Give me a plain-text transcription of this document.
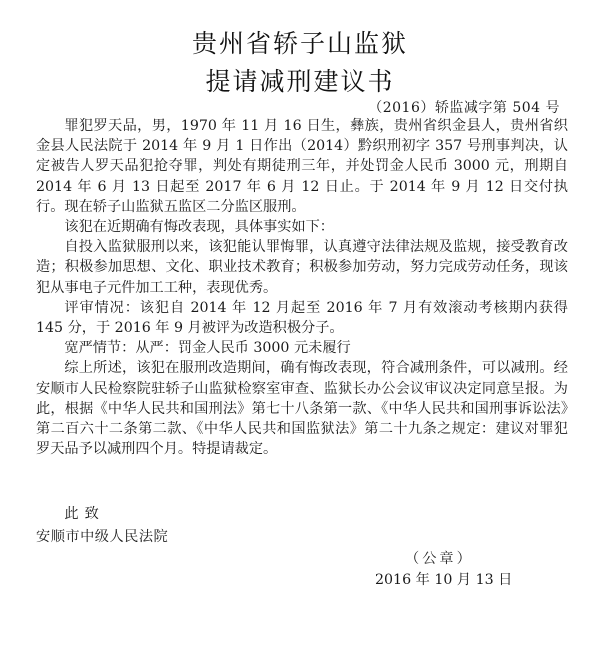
贵州省轿子山监狱
提请减刑建议书
（2016）轿监减字第 504 号

罪犯罗天品，男，1970 年 11 月 16 日生，彝族，贵州省织金县人，贵州省织金县人民法院于 2014 年 9 月 1 日作出（2014）黔织刑初字 357 号刑事判决，认定被告人罗天品犯抢夺罪，判处有期徒刑三年，并处罚金人民币 3000 元，刑期自 2014 年 6 月 13 日起至 2017 年 6 月 12 日止。于 2014 年 9 月 12 日交付执行。现在轿子山监狱五监区二分监区服刑。

该犯在近期确有悔改表现，具体事实如下：

自投入监狱服刑以来，该犯能认罪悔罪，认真遵守法律法规及监规，接受教育改造；积极参加思想、文化、职业技术教育；积极参加劳动，努力完成劳动任务，现该犯从事电子元件加工工种，表现优秀。

评审情况：该犯自 2014 年 12 月起至 2016 年 7 月有效滚动考核期内获得 145 分，于 2016 年 9 月被评为改造积极分子。

宽严情节：从严：罚金人民币 3000 元未履行

综上所述，该犯在服刑改造期间，确有悔改表现，符合减刑条件，可以减刑。经安顺市人民检察院驻轿子山监狱检察室审查、监狱长办公会议审议决定同意呈报。为此，根据《中华人民共和国刑法》第七十八条第一款、《中华人民共和国刑事诉讼法》第二百六十二条第二款、《中华人民共和国监狱法》第二十九条之规定：建议对罪犯罗天品予以减刑四个月。特提请裁定。

此致
安顺市中级人民法院
（公章）
2016 年 10 月 13 日
